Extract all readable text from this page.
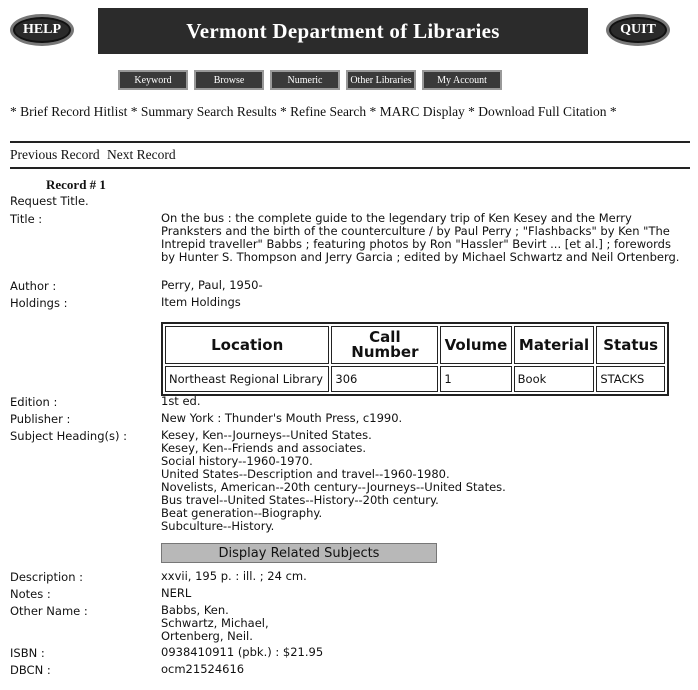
HELP	Vermont Department of Libraries	QUIT
Keyword	Browse	Numeric	Other Libraries	My Account
* Brief Record Hitlist * Summary Search Results * Refine Search * MARC Display * Download Full Citation *
Previous Record Next Record
Record # 1
Request Title.
Title :	On the bus : the complete guide to the legendary trip of Ken Kesey and the Merry Pranksters and the birth of the counterculture / by Paul Perry ; "Flashbacks" by Ken "The Intrepid traveller" Babbs ; featuring photos by Ron "Hassler" Bevirt ... [et al.] ; forewords by Hunter S. Thompson and Jerry Garcia ; edited by Michael Schwartz and Neil Ortenberg.
Author :	Perry, Paul, 1950-
Holdings :	Item Holdings
Location	Call Number	Volume	Material	Status
Northeast Regional Library	306	1	Book	STACKS
Edition :	1st ed.
Publisher :	New York : Thunder's Mouth Press, c1990.
Subject Heading(s) :	Kesey, Ken--Journeys--United States.
Kesey, Ken--Friends and associates.
Social history--1960-1970.
United States--Description and travel--1960-1980.
Novelists, American--20th century--Journeys--United States.
Bus travel--United States--History--20th century.
Beat generation--Biography.
Subculture--History.
Display Related Subjects
Description :	xxvii, 195 p. : ill. ; 24 cm.
Notes :	NERL
Other Name :	Babbs, Ken.
Schwartz, Michael,
Ortenberg, Neil.
ISBN :	0938410911 (pbk.) : $21.95
DBCN :	ocm21524616
